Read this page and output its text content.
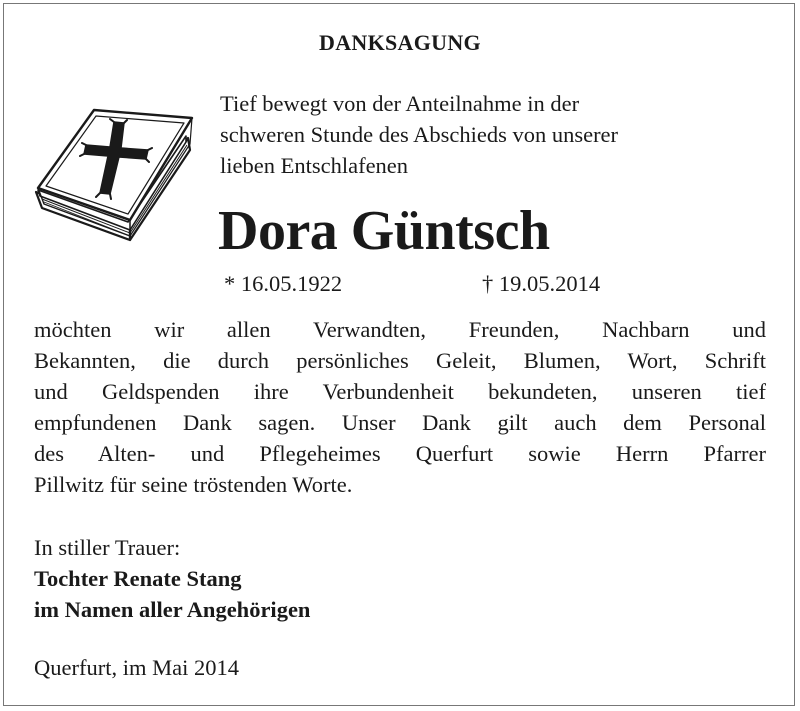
DANKSAGUNG
Tief bewegt von der Anteilnahme in der
schweren Stunde des Abschieds von unserer
lieben Entschlafenen
Dora Güntsch
* 16.05.1922	† 19.05.2014
möchten wir allen Verwandten, Freunden, Nachbarn und
Bekannten, die durch persönliches Geleit, Blumen, Wort, Schrift
und Geldspenden ihre Verbundenheit bekundeten, unseren tief
empfundenen Dank sagen. Unser Dank gilt auch dem Personal
des Alten- und Pflegeheimes Querfurt sowie Herrn Pfarrer
Pillwitz für seine tröstenden Worte.
In stiller Trauer:
Tochter Renate Stang
im Namen aller Angehörigen
Querfurt, im Mai 2014
